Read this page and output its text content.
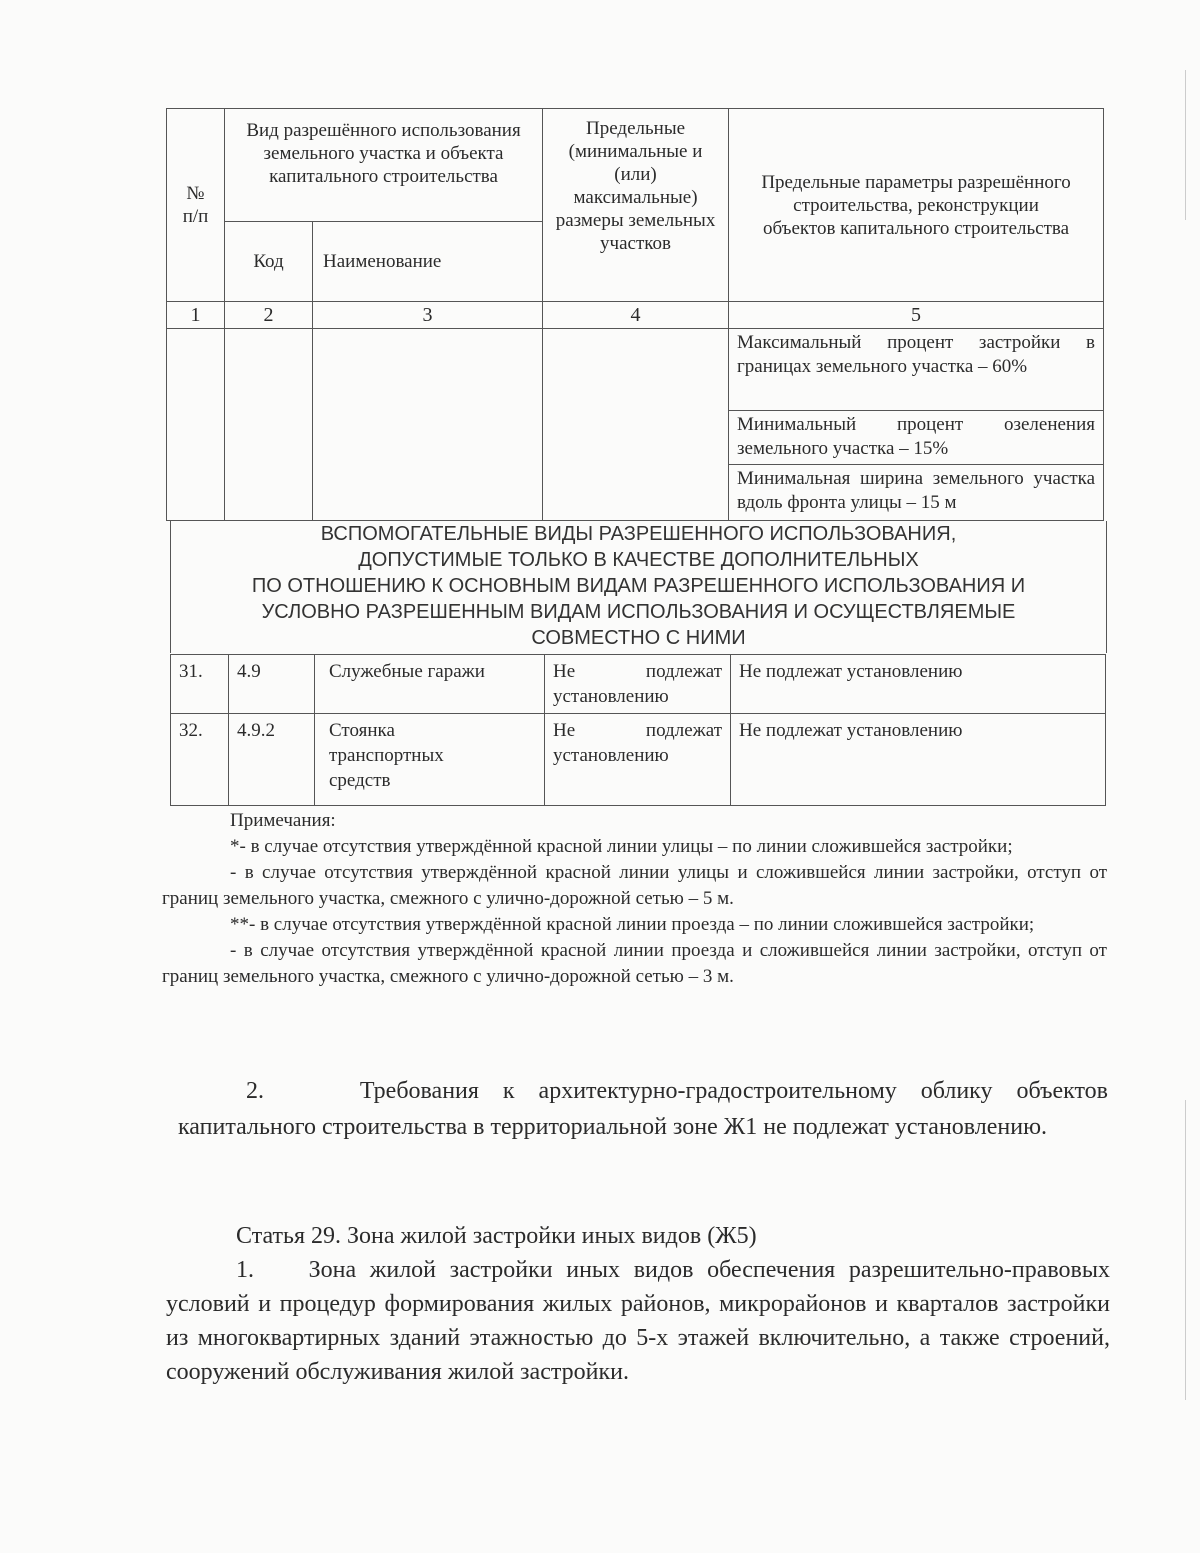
№
п/п	Вид разрешённого использования земельного участка и объекта капитального строительства		Предельные (минимальные и (или) максимальные) размеры земельных участков	Предельные параметры разрешённого строительства, реконструкции объектов капитального строительства
	Код	Наименование		
1	2	3	4	5
				Максимальный процент застройки в границах земельного участка – 60%
				Минимальный процент озеленения земельного участка – 15%
				Минимальная ширина земельного участка вдоль фронта улицы – 15 м
ВСПОМОГАТЕЛЬНЫЕ ВИДЫ РАЗРЕШЕННОГО ИСПОЛЬЗОВАНИЯ,
ДОПУСТИМЫЕ ТОЛЬКО В КАЧЕСТВЕ ДОПОЛНИТЕЛЬНЫХ
ПО ОТНОШЕНИЮ К ОСНОВНЫМ ВИДАМ РАЗРЕШЕННОГО ИСПОЛЬЗОВАНИЯ И
УСЛОВНО РАЗРЕШЕННЫМ ВИДАМ ИСПОЛЬЗОВАНИЯ И ОСУЩЕСТВЛЯЕМЫЕ
СОВМЕСТНО С НИМИ
31.	4.9	Служебные гаражи	Не подлежат установлению	Не подлежат установлению
32.	4.9.2	Стоянка транспортных средств	Не подлежат установлению	Не подлежат установлению

Примечания:

*- в случае отсутствия утверждённой красной линии улицы – по линии сложившейся застройки;

- в случае отсутствия утверждённой красной линии улицы и сложившейся линии застройки, отступ от границ земельного участка, смежного с улично-дорожной сетью – 5 м.

**- в случае отсутствия утверждённой красной линии проезда – по линии сложившейся застройки;

- в случае отсутствия утверждённой красной линии проезда и сложившейся линии застройки, отступ от границ земельного участка, смежного с улично-дорожной сетью – 3 м.

2.	Требования к архитектурно-градостроительному облику объектов капитального строительства в территориальной зоне Ж1 не подлежат установлению.

Статья 29. Зона жилой застройки иных видов (Ж5)

1. Зона жилой застройки иных видов обеспечения разрешительно-правовых условий и процедур формирования жилых районов, микрорайонов и кварталов застройки из многоквартирных зданий этажностью до 5-х этажей включительно, а также строений, сооружений обслуживания жилой застройки.
